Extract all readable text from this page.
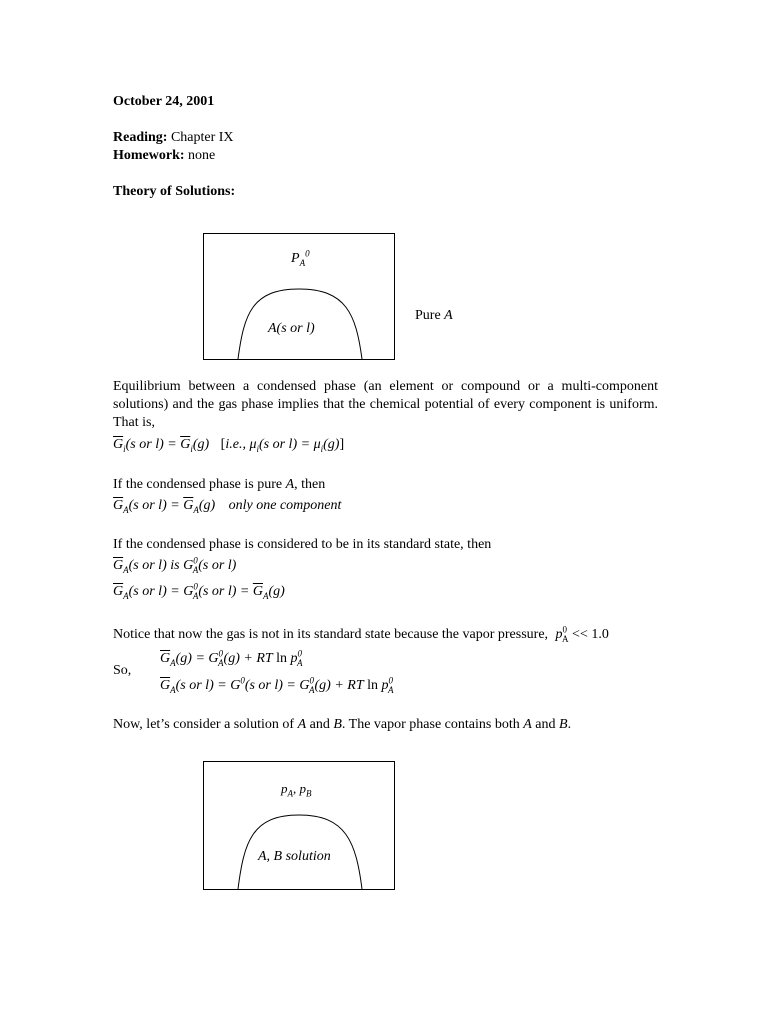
October 24, 2001
Reading: Chapter IX
Homework: none
Theory of Solutions:
$P_A^0$
A(s or l)
Pure A
Equilibrium between a condensed phase (an element or compound or a multi-component solutions) and the gas phase implies that the chemical potential of every component is uniform. That is,
$\overline{G}_i(s$ or $l) = \overline{G}_i(g)$ [i.e., $\mu_i(s$ or $l) = \mu_i(g)$]
If the condensed phase is pure A, then
$\overline{G}_A(s$ or $l) = \overline{G}_A(g)$ only one component
If the condensed phase is considered to be in its standard state, then
$\overline{G}_A(s$ or l) is $G^0_A(s$ or l)
$\overline{G}_A(s$ or $l) = G^0_A(s$ or $l) = \overline{G}_A(g)$
Notice that now the gas is not in its standard state because the vapor pressure, $p^0_A << 1.0$
So,
$\overline{G}_A(g) = G^0_A(g)$ + RT $\ln p^0_A$
$\overline{G}_A(s$ or $l) = G^0(s$ or $l) = G^0_A(g)$ + RT $\ln p^0_A$
Now, let’s consider a solution of A and B. The vapor phase contains both A and B.
$p_A$, $p_B$
A, B solution
